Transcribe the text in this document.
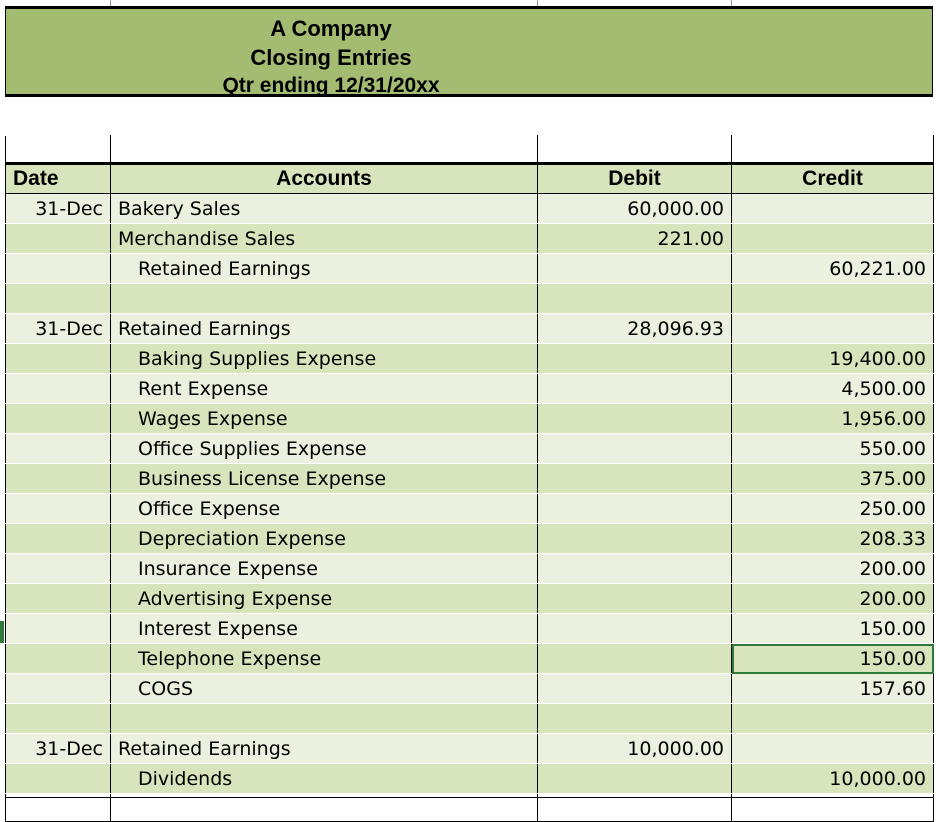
A Company
Closing Entries
Qtr ending 12/31/20xx

Date	Accounts	Debit	Credit
31-Dec	Bakery Sales	60,000.00	
	Merchandise Sales	221.00	
	Retained Earnings		60,221.00

31-Dec	Retained Earnings	28,096.93	
	Baking Supplies Expense		19,400.00
	Rent Expense		4,500.00
	Wages Expense		1,956.00
	Office Supplies Expense		550.00
	Business License Expense		375.00
	Office Expense		250.00
	Depreciation Expense		208.33
	Insurance Expense		200.00
	Advertising Expense		200.00
	Interest Expense		150.00
	Telephone Expense		150.00
	COGS		157.60

31-Dec	Retained Earnings	10,000.00	
	Dividends		10,000.00
